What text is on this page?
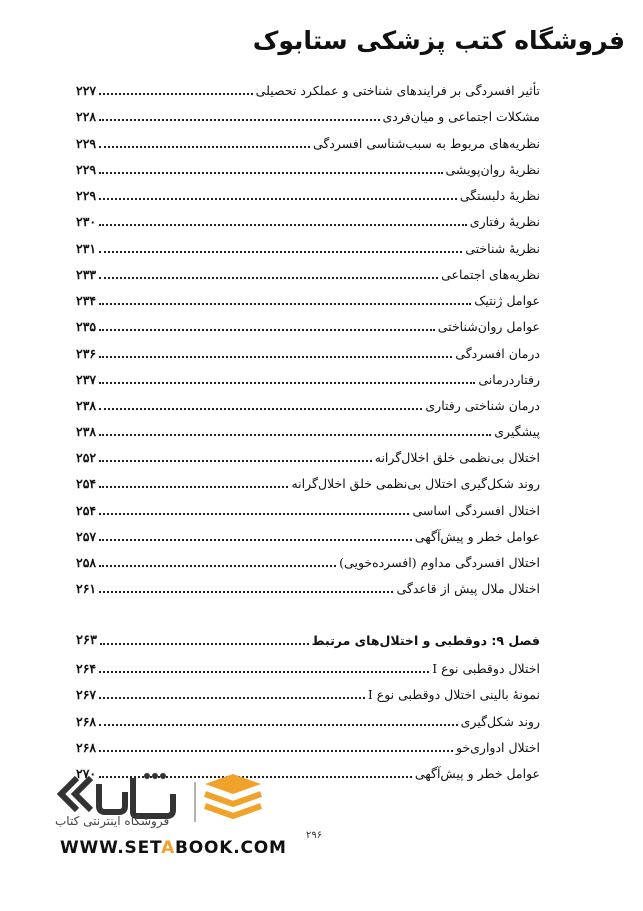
فروشگاه کتب پزشکی ستابوک
تأثیر افسردگی بر فرایندهای شناختی و عملکرد تحصیلی
۲۲۷
مشکلات اجتماعی و میان‌فردی
۲۲۸
نظریه‌های مربوط به سبب‌شناسی افسردگی
۲۲۹
نظریهٔ روان‌پویشی
۲۲۹
نظریهٔ دلبستگی
۲۲۹
نظریهٔ رفتاری
۲۳۰
نظریهٔ شناختی
۲۳۱
نظریه‌های اجتماعی
۲۳۳
عوامل ژنتیک
۲۳۴
عوامل روان‌شناختی
۲۳۵
درمان افسردگی
۲۳۶
رفتاردرمانی
۲۳۷
درمان شناختی رفتاری
۲۳۸
پیشگیری
۲۳۸
اختلال بی‌نظمی خلق اخلال‌گرانه
۲۵۲
روند شکل‌گیری اختلال بی‌نظمی خلق اخلال‌گرانه
۲۵۴
اختلال افسردگی اساسی
۲۵۴
عوامل خطر و پیش‌آگهی
۲۵۷
اختلال افسردگی مداوم (افسرده‌خویی)
۲۵۸
اختلال ملال پیش از قاعدگی
۲۶۱
فصل ۹: دوقطبی و اختلال‌های مرتبط
۲۶۳
اختلال دوقطبی نوع I
۲۶۴
نمونهٔ بالینی اختلال دوقطبی نوع I
۲۶۷
روند شکل‌گیری
۲۶۸
اختلال ادواری‌خو
۲۶۸
عوامل خطر و پیش‌آگهی
۲۷۰
فروشگاه اینترنتی کتاب
WWW.SETABOOK.COM
۲۹۶
